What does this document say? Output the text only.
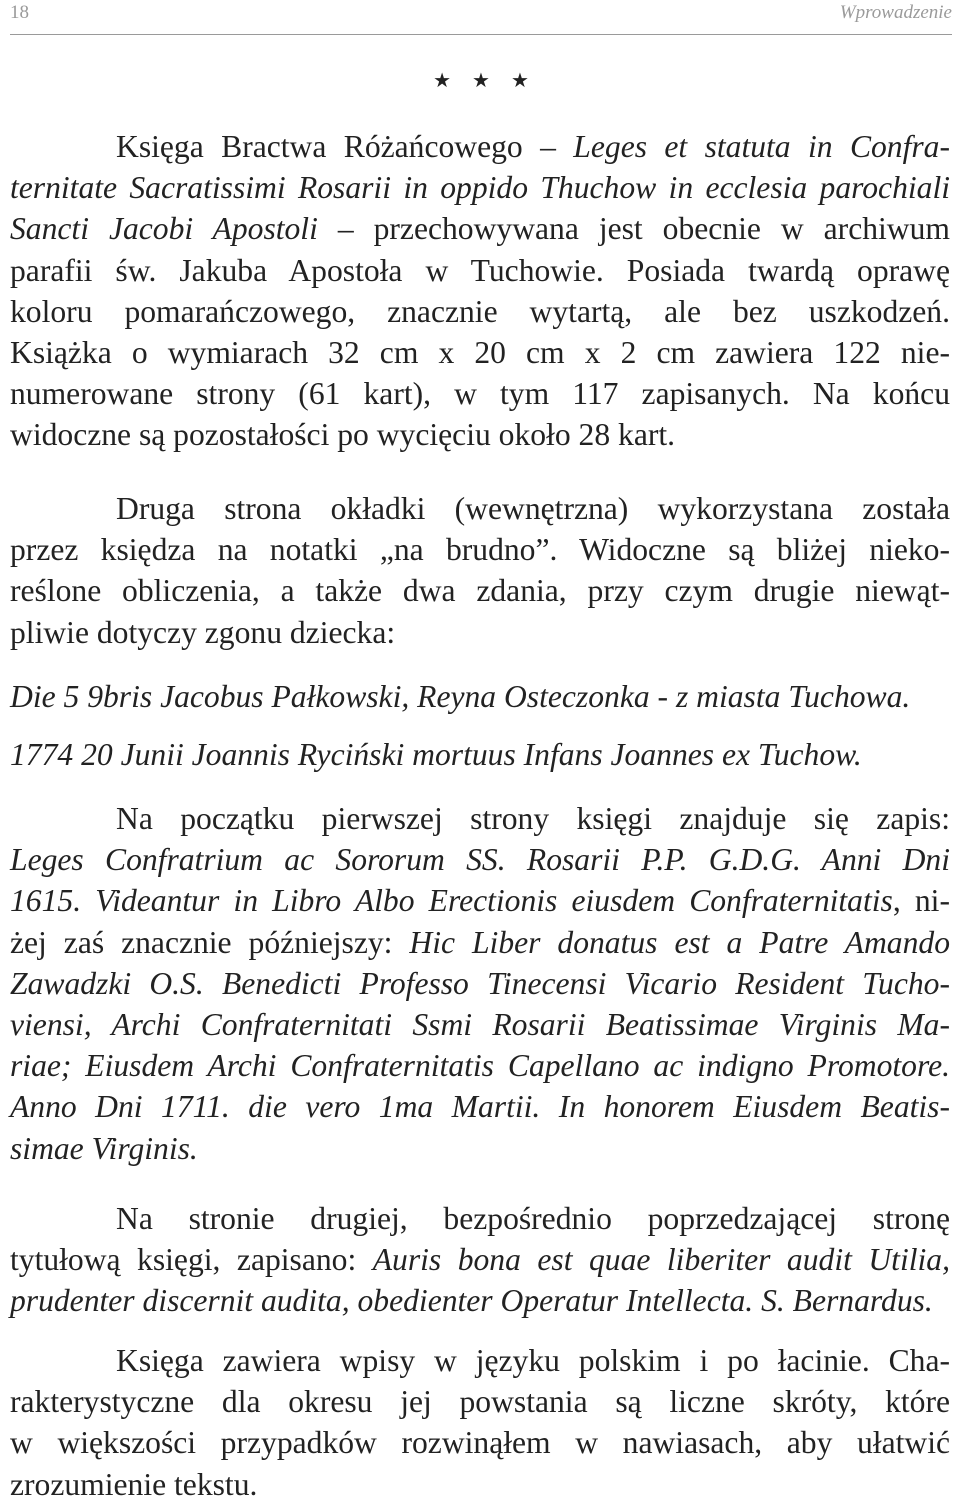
18	Wprowadzenie
★ ★ ★
Księga Bractwa Różańcowego – Leges et statuta in Confra-
ternitate Sacratissimi Rosarii in oppido Thuchow in ecclesia parochiali
Sancti Jacobi Apostoli – przechowywana jest obecnie w archiwum
parafii św. Jakuba Apostoła w Tuchowie. Posiada twardą oprawę
koloru pomarańczowego, znacznie wytartą, ale bez uszkodzeń.
Książka o wymiarach 32 cm x 20 cm x 2 cm zawiera 122 nie-
numerowane strony (61 kart), w tym 117 zapisanych. Na końcu
widoczne są pozostałości po wycięciu około 28 kart.
Druga strona okładki (wewnętrzna) wykorzystana została
przez księdza na notatki „na brudno”. Widoczne są bliżej nieko-
reślone obliczenia, a także dwa zdania, przy czym drugie niewąt-
pliwie dotyczy zgonu dziecka:
Die 5 9bris Jacobus Pałkowski, Reyna Osteczonka - z miasta Tuchowa.
1774 20 Junii Joannis Ryciński mortuus Infans Joannes ex Tuchow.
Na początku pierwszej strony księgi znajduje się zapis:
Leges Confratrium ac Sororum SS. Rosarii P.P. G.D.G. Anni Dni
1615. Videantur in Libro Albo Erectionis eiusdem Confraternitatis, ni-
żej zaś znacznie późniejszy: Hic Liber donatus est a Patre Amando
Zawadzki O.S. Benedicti Professo Tinecensi Vicario Resident Tucho-
viensi, Archi Confraternitati Ssmi Rosarii Beatissimae Virginis Ma-
riae; Eiusdem Archi Confraternitatis Capellano ac indigno Promotore.
Anno Dni 1711. die vero 1ma Martii. In honorem Eiusdem Beatis-
simae Virginis.
Na stronie drugiej, bezpośrednio poprzedzającej stronę
tytułową księgi, zapisano: Auris bona est quae liberiter audit Utilia,
prudenter discernit audita, obedienter Operatur Intellecta. S. Bernardus.
Księga zawiera wpisy w języku polskim i po łacinie. Cha-
rakterystyczne dla okresu jej powstania są liczne skróty, które
w większości przypadków rozwinąłem w nawiasach, aby ułatwić
zrozumienie tekstu.
